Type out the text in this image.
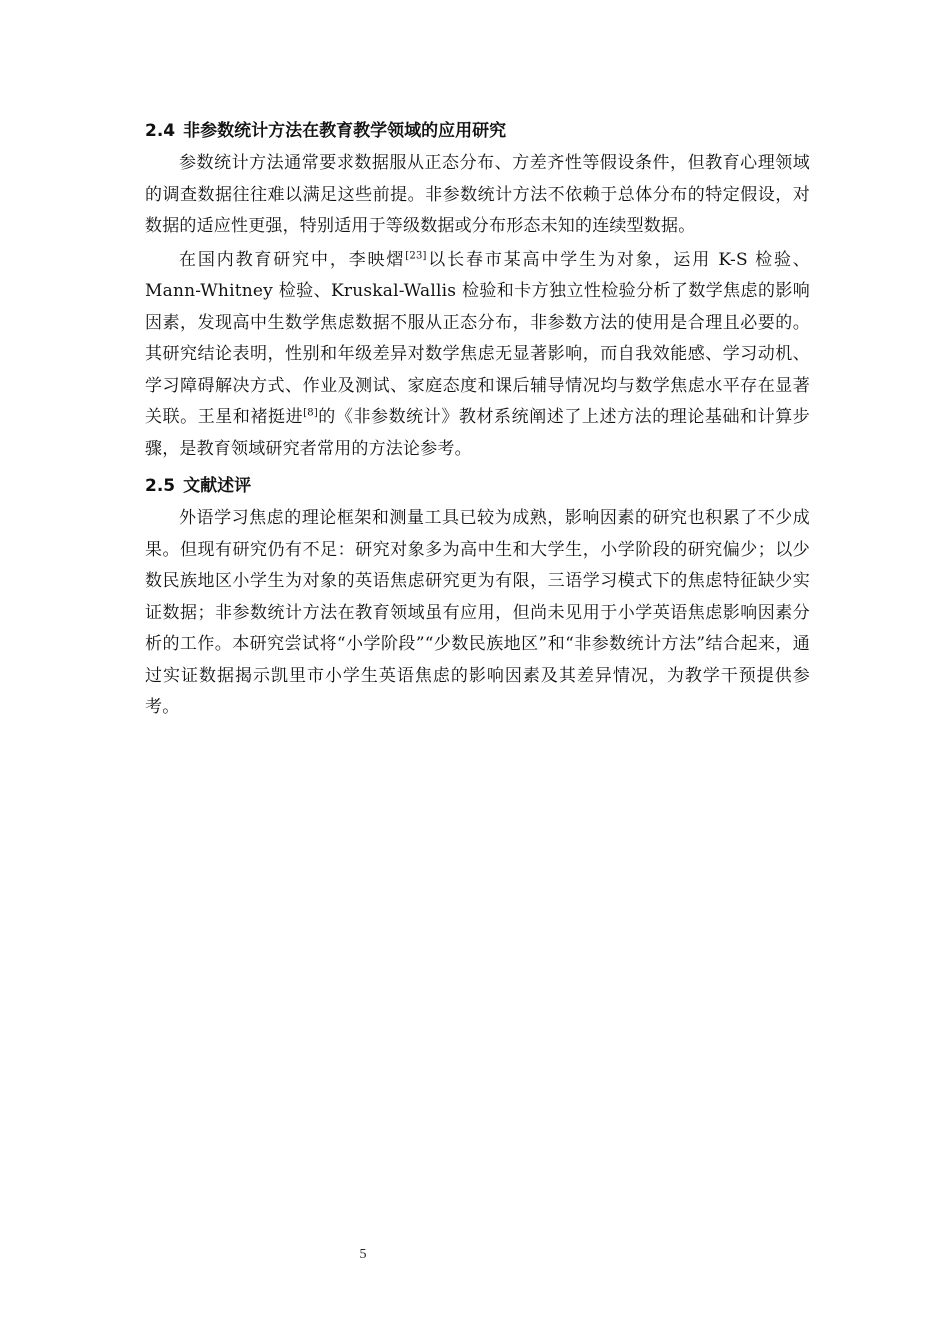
2.4 非参数统计方法在教育教学领域的应用研究

参数统计方法通常要求数据服从正态分布、方差齐性等假设条件，但教育心理领域的调查数据往往难以满足这些前提。非参数统计方法不依赖于总体分布的特定假设，对数据的适应性更强，特别适用于等级数据或分布形态未知的连续型数据。

在国内教育研究中，李映熠[23]以长春市某高中学生为对象，运用 K-S 检验、Mann-Whitney 检验、Kruskal-Wallis 检验和卡方独立性检验分析了数学焦虑的影响因素，发现高中生数学焦虑数据不服从正态分布，非参数方法的使用是合理且必要的。其研究结论表明，性别和年级差异对数学焦虑无显著影响，而自我效能感、学习动机、学习障碍解决方式、作业及测试、家庭态度和课后辅导情况均与数学焦虑水平存在显著关联。王星和褚挺进[8]的《非参数统计》教材系统阐述了上述方法的理论基础和计算步骤，是教育领域研究者常用的方法论参考。

2.5 文献述评

外语学习焦虑的理论框架和测量工具已较为成熟，影响因素的研究也积累了不少成果。但现有研究仍有不足：研究对象多为高中生和大学生，小学阶段的研究偏少；以少数民族地区小学生为对象的英语焦虑研究更为有限，三语学习模式下的焦虑特征缺少实证数据；非参数统计方法在教育领域虽有应用，但尚未见用于小学英语焦虑影响因素分析的工作。本研究尝试将“小学阶段”“少数民族地区”和“非参数统计方法”结合起来，通过实证数据揭示凯里市小学生英语焦虑的影响因素及其差异情况，为教学干预提供参考。

5
